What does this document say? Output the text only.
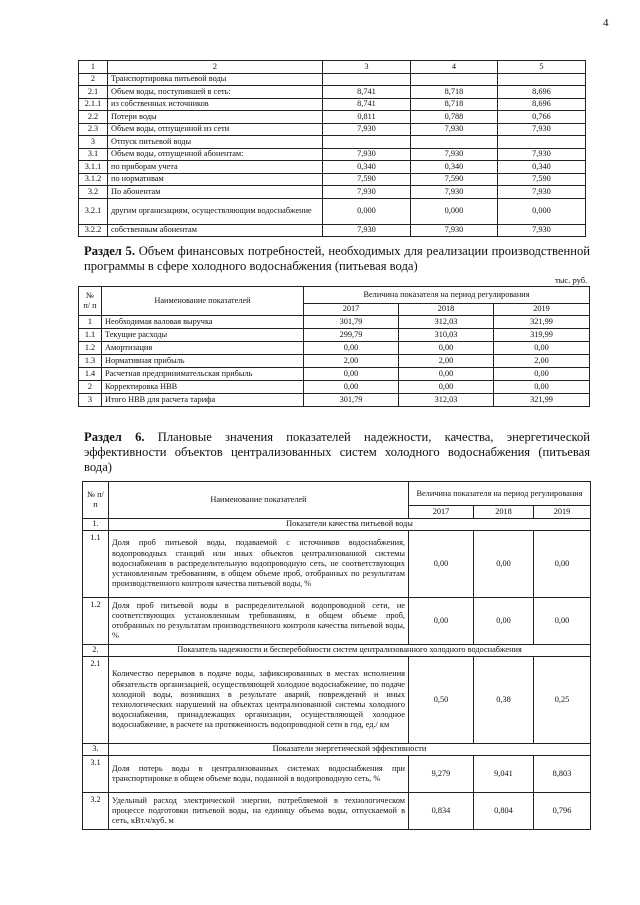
4
1	2	3	4	5
2	Транспортировка питьевой воды			
2.1	Объем воды, поступившей в сеть:	8,741	8,718	8,696
2.1.1	из собственных источников	8,741	8,718	8,696
2.2	Потери воды	0,811	0,788	0,766
2.3	Объем воды, отпущенной из сети	7,930	7,930	7,930
3	Отпуск питьевой воды			
3.1	Объем воды, отпущенной абонентам:	7,930	7,930	7,930
3.1.1	по приборам учета	0,340	0,340	0,340
3.1.2	по нормативам	7,590	7,590	7,590
3.2	По абонентам	7,930	7,930	7,930
3.2.1	другим организациям, осуществляющим водоснабжение	0,000	0,000	0,000
3.2.2	собственным абонентам	7,930	7,930	7,930
Раздел 5. Объем финансовых потребностей, необходимых для реализации производственной программы в сфере холодного водоснабжения (питьевая вода)
тыс. руб.
№ п/ п	Наименование показателей	Величина показателя на период регулирования		
		2017	2018	2019
1	Необходимая валовая выручка	301,79	312,03	321,99
1.1	Текущие расходы	299,79	310,03	319,99
1.2	Амортизация	0,00	0,00	0,00
1.3	Нормативная прибыль	2,00	2,00	2,00
1.4	Расчетная предпринимательская прибыль	0,00	0,00	0,00
2	Корректировка НВВ	0,00	0,00	0,00
3	Итого НВВ для расчета тарифа	301,79	312,03	321,99
Раздел 6. Плановые значения показателей надежности, качества, энергетической эффективности объектов централизованных систем холодного водоснабжения (питьевая вода)
№ п/п	Наименование показателей	Величина показателя на период регулирования		
		2017	2018	2019
1.	Показатели качества питьевой воды			
1.1	Доля проб питьевой воды, подаваемой с источников водоснабжения, водопроводных станций или иных объектов централизованной системы водоснабжения в распределительную водопроводную сеть, не соответствующих установленным требованиям, в общем объеме проб, отобранных по результатам производственного контроля качества питьевой воды, %	0,00	0,00	0,00
1.2	Доля проб питьевой воды в распределительной водопроводной сети, не соответствующих установленным требованиям, в общем объеме проб, отобранных по результатам производственного контроля качества питьевой воды, %	0,00	0,00	0,00
2.	Показатель надежности и бесперебойности систем централизованного холодного водоснабжения			
2.1	Количество перерывов в подаче воды, зафиксированных в местах исполнения обязательств организацией, осуществляющей холодное водоснабжение, по подаче холодной воды, возникших в результате аварий, повреждений и иных технологических нарушений на объектах централизованной системы холодного водоснабжения, принадлежащих организации, осуществляющей холодное водоснабжение, в расчете на протяженность водопроводной сети в год, ед./ км	0,50	0,38	0,25
3.	Показатели энергетической эффективности			
3.1	Доля потерь воды в централизованных системах водоснабжения при транспортировке в общем объеме воды, поданной в водопроводную сеть, %	9,279	9,041	8,803
3.2	Удельный расход электрической энергии, потребляемой в технологическом процессе подготовки питьевой воды, на единицу объема воды, отпускаемой в сеть, кВт.ч/куб. м	0,834	0,804	0,796
